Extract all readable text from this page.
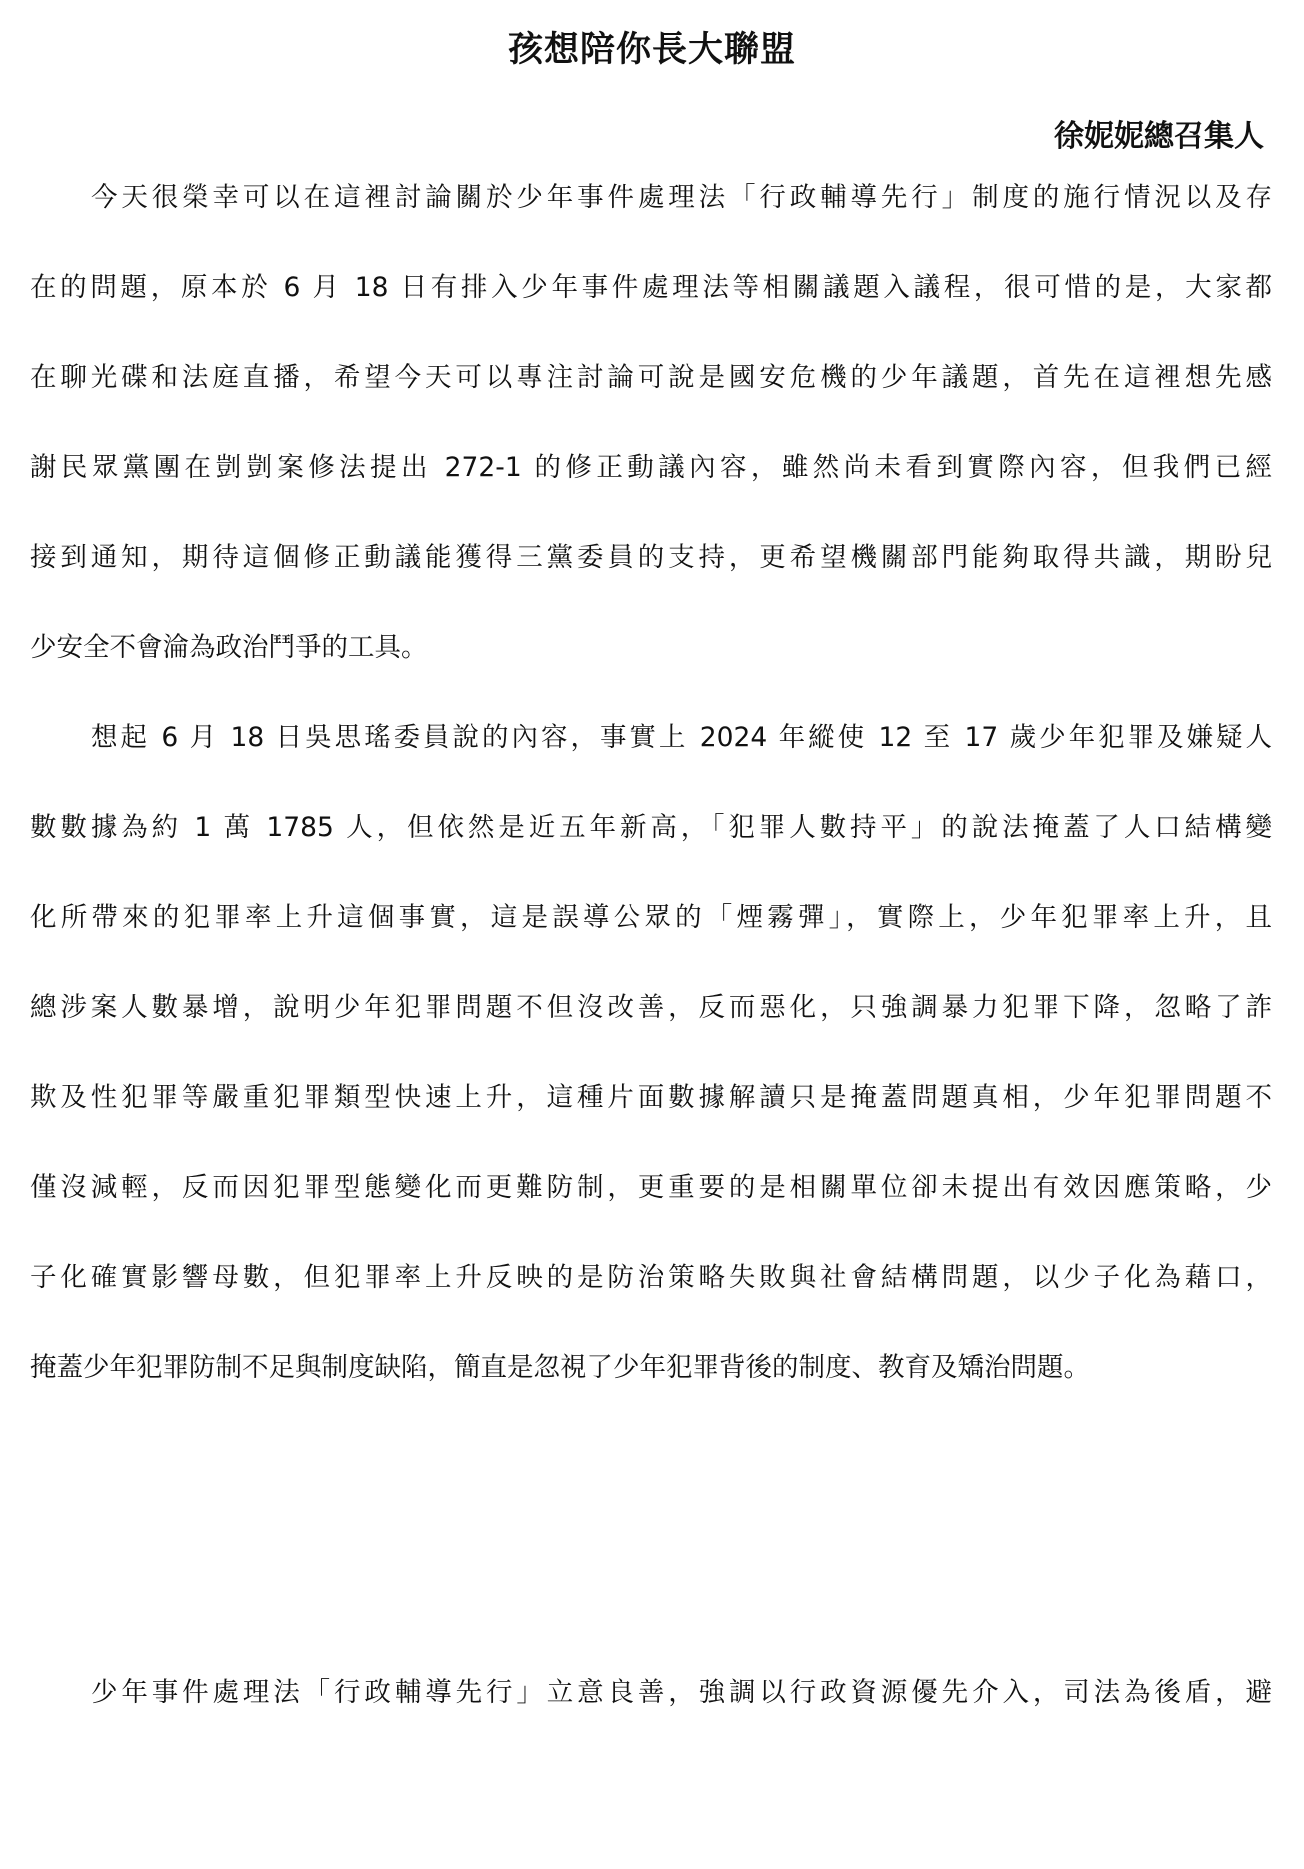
孩想陪你長大聯盟
徐妮妮總召集人
今天很榮幸可以在這裡討論關於少年事件處理法「行政輔導先行」制度的施行情況以及存
在的問題，原本於 6 月 18 日有排入少年事件處理法等相關議題入議程，很可惜的是，大家都
在聊光碟和法庭直播，希望今天可以專注討論可說是國安危機的少年議題，首先在這裡想先感
謝民眾黨團在剴剴案修法提出 272-1 的修正動議內容，雖然尚未看到實際內容，但我們已經
接到通知，期待這個修正動議能獲得三黨委員的支持，更希望機關部門能夠取得共識，期盼兒
少安全不會淪為政治鬥爭的工具。
想起 6 月 18 日吳思瑤委員說的內容，事實上 2024 年縱使 12 至 17 歲少年犯罪及嫌疑人
數數據為約 1 萬 1785 人，但依然是近五年新高，「犯罪人數持平」的說法掩蓋了人口結構變
化所帶來的犯罪率上升這個事實，這是誤導公眾的「煙霧彈」，實際上，少年犯罪率上升，且
總涉案人數暴增，說明少年犯罪問題不但沒改善，反而惡化，只強調暴力犯罪下降，忽略了詐
欺及性犯罪等嚴重犯罪類型快速上升，這種片面數據解讀只是掩蓋問題真相，少年犯罪問題不
僅沒減輕，反而因犯罪型態變化而更難防制，更重要的是相關單位卻未提出有效因應策略，少
子化確實影響母數，但犯罪率上升反映的是防治策略失敗與社會結構問題，以少子化為藉口，
掩蓋少年犯罪防制不足與制度缺陷，簡直是忽視了少年犯罪背後的制度、教育及矯治問題。
少年事件處理法「行政輔導先行」立意良善，強調以行政資源優先介入，司法為後盾，避
